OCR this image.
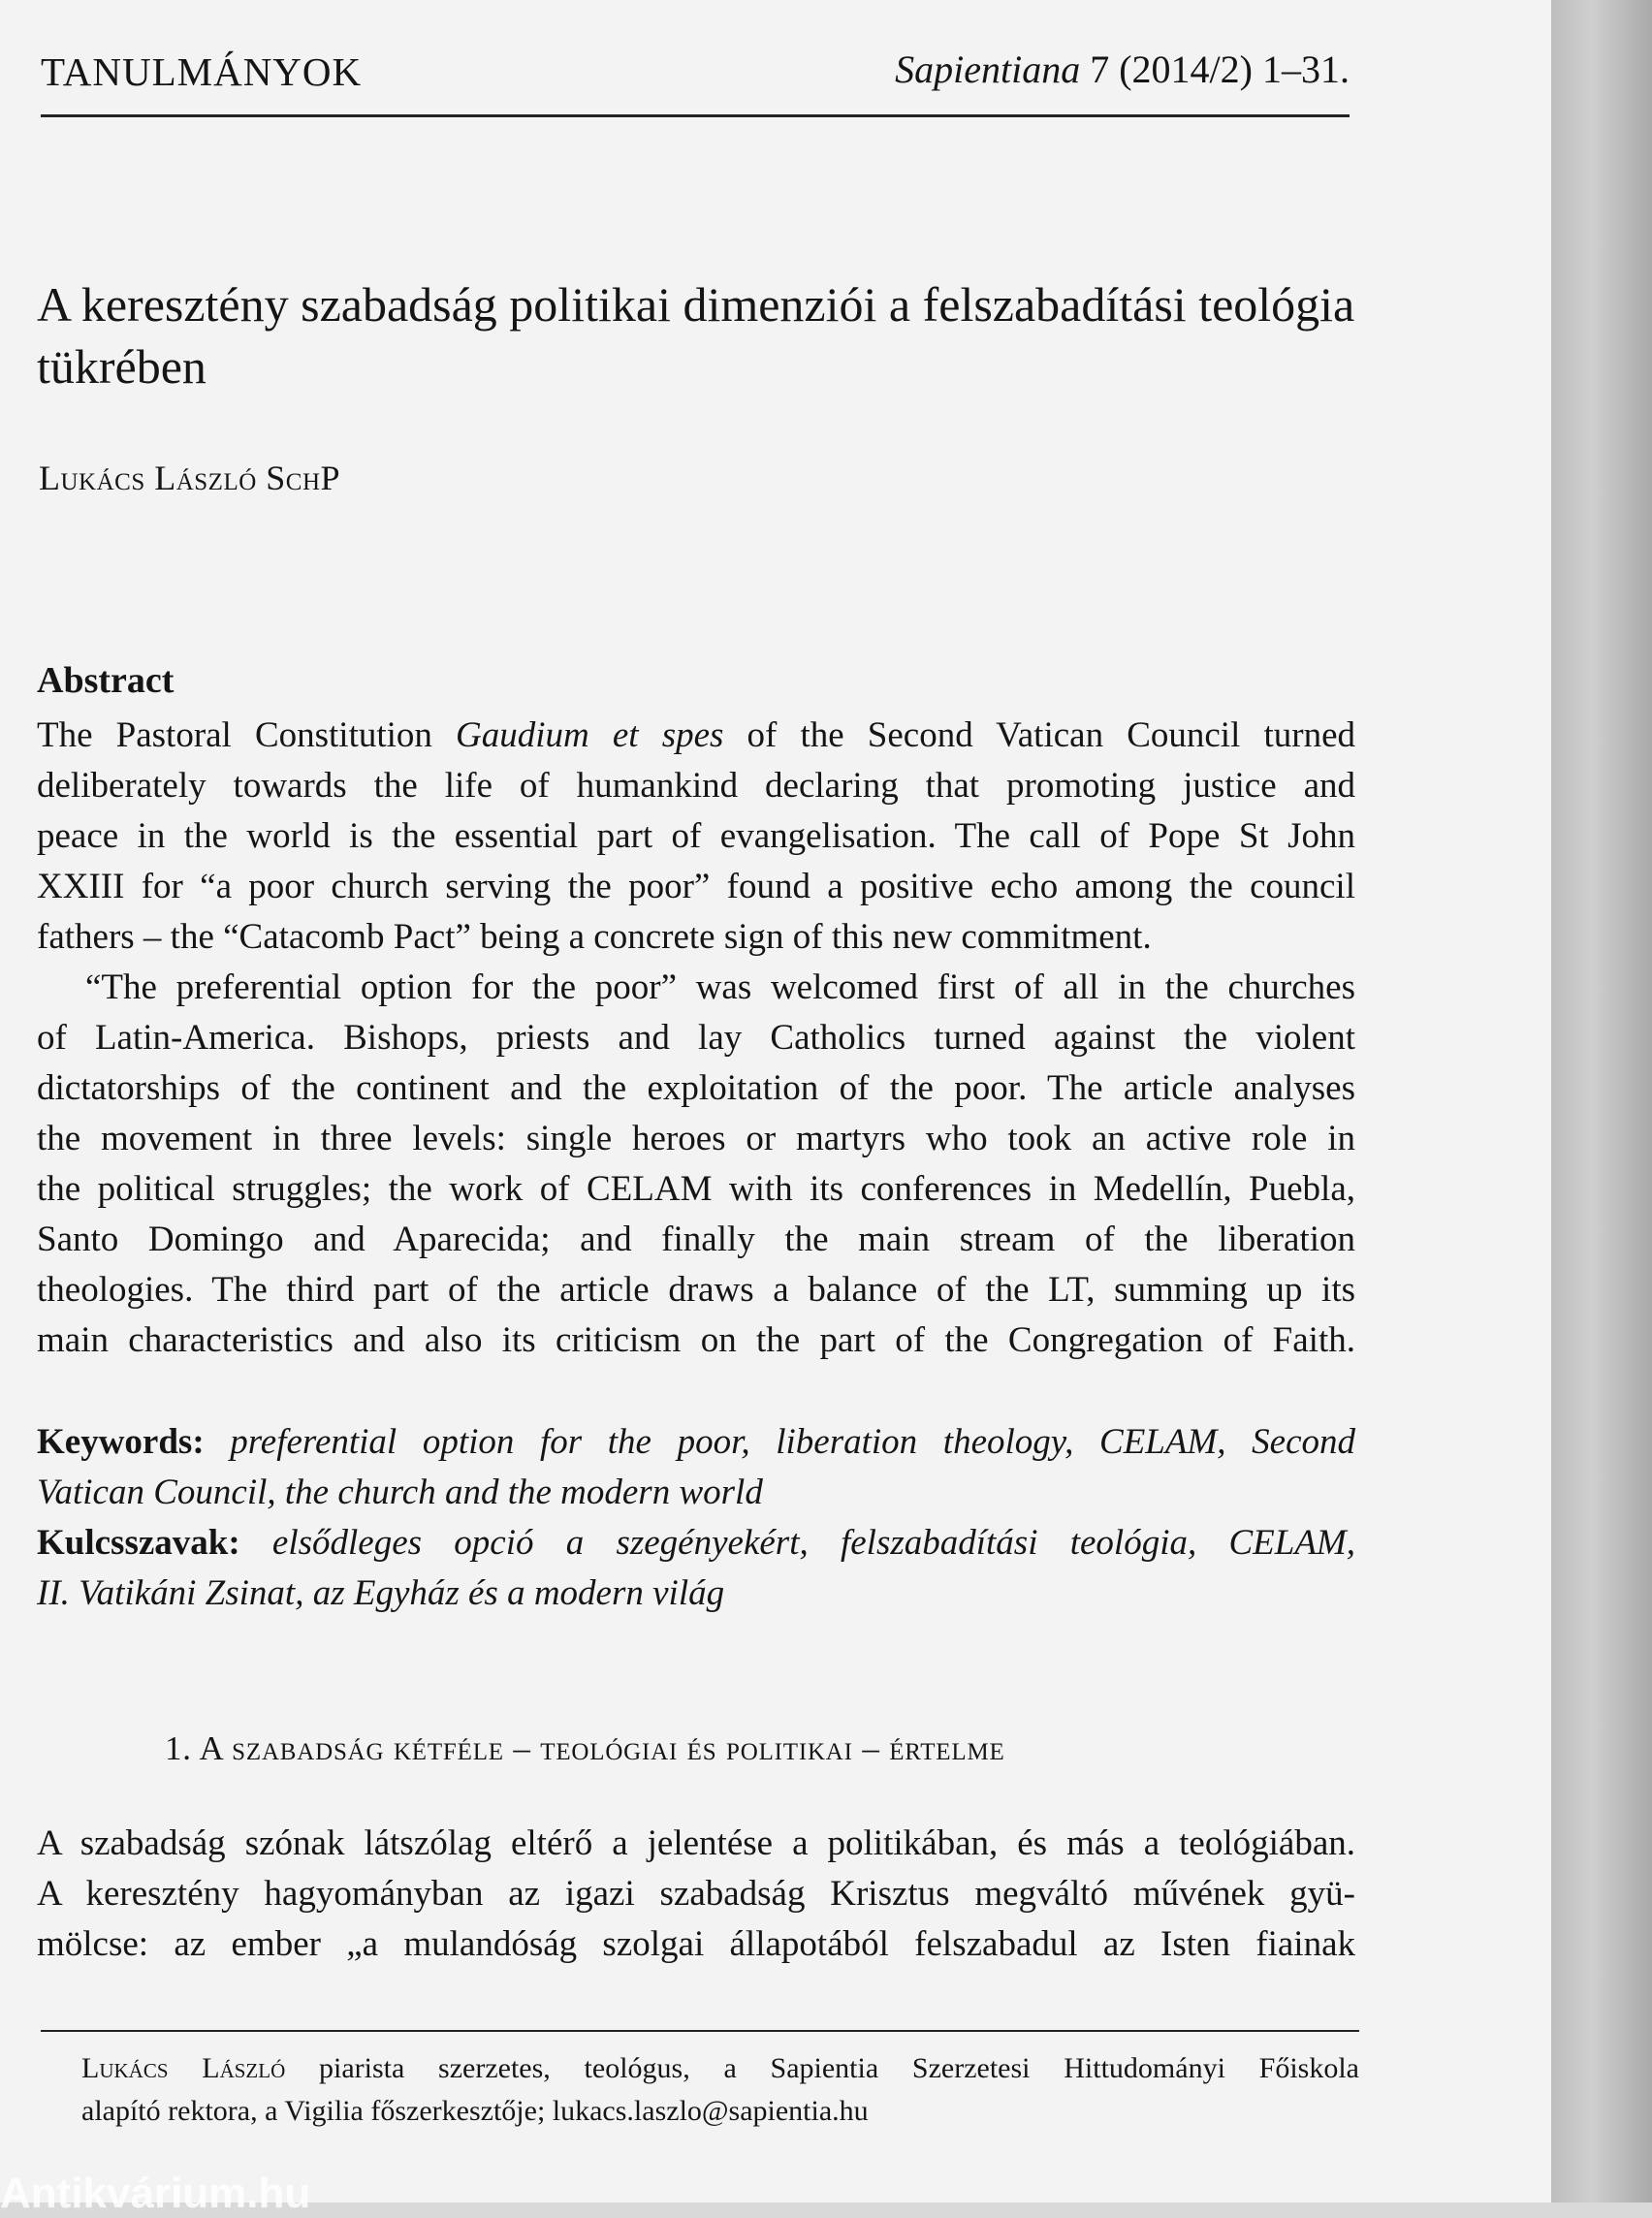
TANULMÁNYOK	Sapientiana 7 (2014/2) 1–31.
A keresztény szabadság politikai dimenziói a felszabadítási teológia tükrében
Lukács László SchP
Abstract
The Pastoral Constitution Gaudium et spes of the Second Vatican Council turned
deliberately towards the life of humankind declaring that promoting justice and
peace in the world is the essential part of evangelisation. The call of Pope St John
XXIII for “a poor church serving the poor” found a positive echo among the council
fathers – the “Catacomb Pact” being a concrete sign of this new commitment.
“The preferential option for the poor” was welcomed first of all in the churches
of Latin-America. Bishops, priests and lay Catholics turned against the violent
dictatorships of the continent and the exploitation of the poor. The article analyses
the movement in three levels: single heroes or martyrs who took an active role in
the political struggles; the work of CELAM with its conferences in Medellín, Puebla,
Santo Domingo and Aparecida; and finally the main stream of the liberation
theologies. The third part of the article draws a balance of the LT, summing up its
main characteristics and also its criticism on the part of the Congregation of Faith.
Keywords: preferential option for the poor, liberation theology, CELAM, Second
Vatican Council, the church and the modern world
Kulcsszavak: elsődleges opció a szegényekért, felszabadítási teológia, CELAM,
II. Vatikáni Zsinat, az Egyház és a modern világ
1. A szabadság kétféle – teológiai és politikai – értelme
A szabadság szónak látszólag eltérő a jelentése a politikában, és más a teológiában.
A keresztény hagyományban az igazi szabadság Krisztus megváltó művének gyü-
mölcse: az ember „a mulandóság szolgai állapotából felszabadul az Isten fiainak
Lukács László piarista szerzetes, teológus, a Sapientia Szerzetesi Hittudományi Főiskola
alapító rektora, a Vigilia főszerkesztője; lukacs.laszlo@sapientia.hu
Antikvárium.hu
